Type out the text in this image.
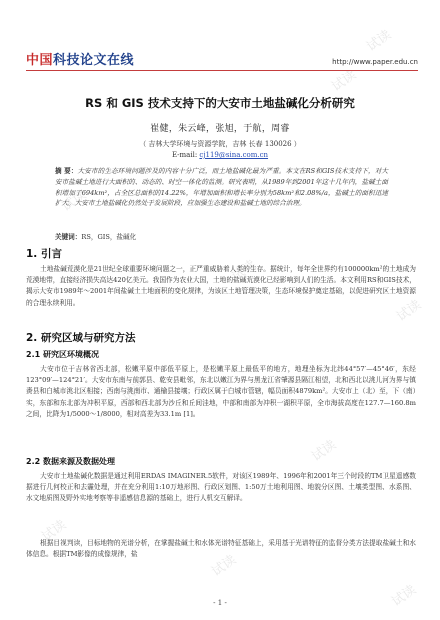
试读
试读
试读
试读
试读
试读
试读
试读
试读
试读
中国科技论文在线	http://www.paper.edu.cn
RS 和 GIS 技术支持下的大安市土地盐碱化分析研究
崔健，朱云峰，张旭，于航，周睿
（ 吉林大学环境与资源学院，吉林 长春 130026 ）
E-mail: cj119@sina.com.cn
摘 要：大安市的生态环境问题涉及的内容十分广泛，而土地盐碱化最为严重。本文在RS和GIS技术支持下，对大安市盐碱土地进行大面积的、动态的、时空一体化的监测。研究表明，从1989年到2001年这十几年内，盐碱土面积增加了694km²，占全区总面积的14.22%，年增加面积和增长率分别为58km²和2.08%/a，盐碱土的面积迅速扩大。大安市土地盐碱化仍然处于发展阶段，应加强生态建设和盐碱土地的综合治理。
关键词：RS，GIS，盐碱化
1. 引言
土地盐碱荒漠化是21世纪全球重要环境问题之一，正严重威胁着人类的生存。据统计，每年全世界约有100000km²的土地成为荒漠地带，直接经济损失高达420亿美元。我国作为农业大国，土地的盐碱荒漠化已经影响到人们的生活。本文利用RS和GIS技术，揭示大安市1989年～2001年间盐碱土土地面积的变化规律，为该区土地管理决策，生态环境保护奠定基础，以促进研究区土地资源的合理永续利用。
2. 研究区域与研究方法
2.1 研究区环境概况
大安市位于吉林省西北部，松嫩平原中部低平原上，是松嫩平原上最低平的地方，地理坐标为北纬44°57′—45°46′，东经123°09′—124°21′。大安市东南与前郭县、乾安县毗邻，东北以嫩江为界与黑龙江省肇源县隔江相望，北和西北以洮儿河为界与镇赉县和白城市洮北区相接；西南与洮南市、通榆县接壤；行政区属于白城市管辖，幅员面积4879km²。大安市上（北）至，下（南）实，东部和东北部为冲积平原，西部和西北部为沙丘和丘间洼地，中部和南部为冲积一湖积平原，全市海拔高度在127.7—160.8m之间，比降为1/5000～1/8000，相对高差为33.1m [1]。
2.2 数据来源及数据处理
大安市土地盐碱化数据是通过利用ERDAS IMAGINER.5软件，对该区1989年、1996年和2001年三个时段的TM卫星遥感数据进行几何校正和去霾处理，并在充分利用1:10万地形图、行政区划图、1:50万土地利用图、地貌分区图、土壤类型图、水系图、水文地质图及野外实地考察等非遥感信息源的基础上，进行人机交互解译。
根据目视判读，目标地物的光谱分析，在掌握盐碱土和水体光谱特征基础上，采用基于光谱特征的监督分类方法提取盐碱土和水体信息。根据TM影像的成像规律，盐
- 1 -
